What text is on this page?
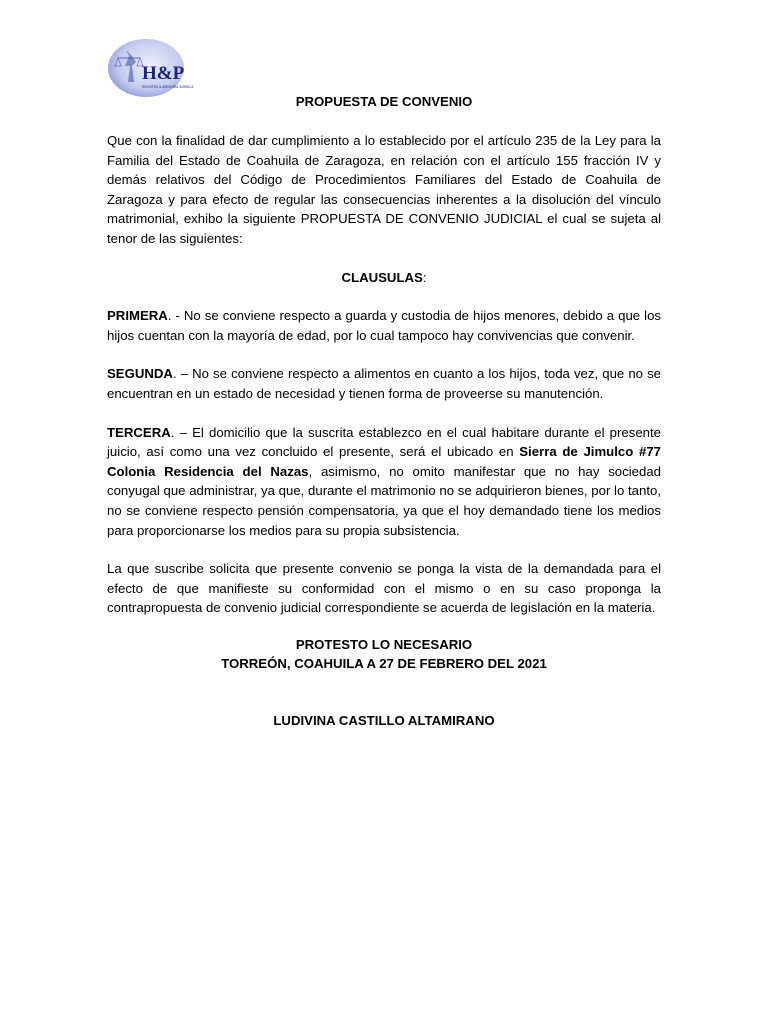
H&P
ESCRITOS & ASESORÍA JURÍDICA
PROPUESTA DE CONVENIO

Que con la finalidad de dar cumplimiento a lo establecido por el artículo 235 de la Ley para la Familia del Estado de Coahuila de Zaragoza, en relación con el artículo 155 fracción IV y demás relativos del Código de Procedimientos Familiares del Estado de Coahuila de Zaragoza y para efecto de regular las consecuencias inherentes a la disolución del vínculo matrimonial, exhibo la siguiente PROPUESTA DE CONVENIO JUDICIAL el cual se sujeta al tenor de las siguientes:

CLAUSULAS:

PRIMERA. - No se conviene respecto a guarda y custodia de hijos menores, debido a que los hijos cuentan con la mayoría de edad, por lo cual tampoco hay convivencias que convenir.

SEGUNDA. – No se conviene respecto a alimentos en cuanto a los hijos, toda vez, que no se encuentran en un estado de necesidad y tienen forma de proveerse su manutención.

TERCERA. – El domicilio que la suscrita establezco en el cual habitare durante el presente juicio, así como una vez concluido el presente, será el ubicado en Sierra de Jimulco #77 Colonia Residencia del Nazas, asimismo, no omito manifestar que no hay sociedad conyugal que administrar, ya que, durante el matrimonio no se adquirieron bienes, por lo tanto, no se conviene respecto pensión compensatoria, ya que el hoy demandado tiene los medios para proporcionarse los medios para su propia subsistencia.

La que suscribe solicita que presente convenio se ponga la vista de la demandada para el efecto de que manifieste su conformidad con el mismo o en su caso proponga la contrapropuesta de convenio judicial correspondiente se acuerda de legislación en la materia.

PROTESTO LO NECESARIO
TORREÓN, COAHUILA A 27 DE FEBRERO DEL 2021
LUDIVINA CASTILLO ALTAMIRANO
